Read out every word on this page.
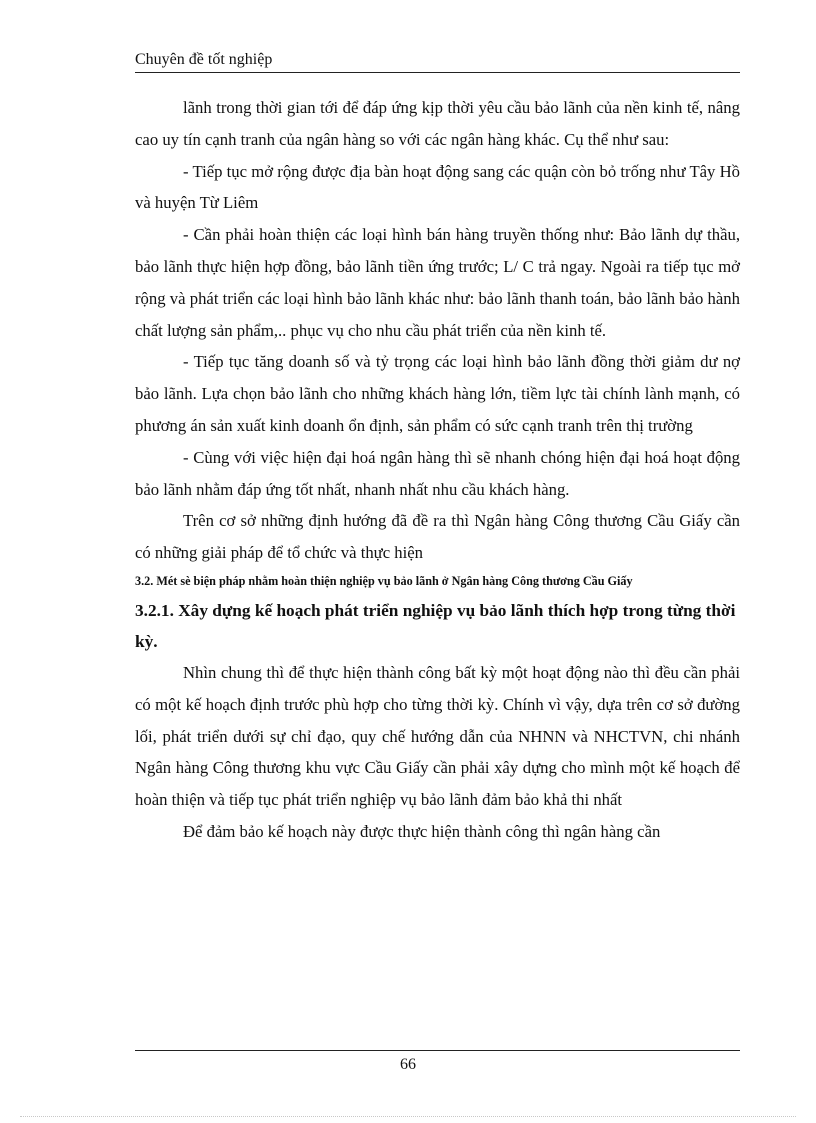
Chuyên đề tốt nghiệp

lãnh trong thời gian tới để đáp ứng kịp thời yêu cầu bảo lãnh của nền kinh tế, nâng cao uy tín cạnh tranh của ngân hàng so với các ngân hàng khác. Cụ thể như sau:

- Tiếp tục mở rộng được địa bàn hoạt động sang các quận còn bỏ trống như Tây Hồ và huyện Từ Liêm

- Cần phải hoàn thiện các loại hình bán hàng truyền thống như: Bảo lãnh dự thầu, bảo lãnh thực hiện hợp đồng, bảo lãnh tiền ứng trước; L/ C trả ngay. Ngoài ra tiếp tục mở rộng và phát triển các loại hình bảo lãnh khác như: bảo lãnh thanh toán, bảo lãnh bảo hành chất lượng sản phẩm,.. phục vụ cho nhu cầu phát triển của nền kinh tế.

- Tiếp tục tăng doanh số và tỷ trọng các loại hình bảo lãnh đồng thời giảm dư nợ bảo lãnh. Lựa chọn bảo lãnh cho những khách hàng lớn, tiềm lực tài chính lành mạnh, có phương án sản xuất kinh doanh ổn định, sản phẩm có sức cạnh tranh trên thị trường

- Cùng với việc hiện đại hoá ngân hàng thì sẽ nhanh chóng hiện đại hoá hoạt động bảo lãnh nhằm đáp ứng tốt nhất, nhanh nhất nhu cầu khách hàng.

Trên cơ sở những định hướng đã đề ra thì Ngân hàng Công thương Cầu Giấy cần có những giải pháp để tổ chức và thực hiện

3.2. Mét sè biện pháp nhằm hoàn thiện nghiệp vụ bảo lãnh ở Ngân hàng Công thương Cầu Giấy

3.2.1. Xây dựng kế hoạch phát triển nghiệp vụ bảo lãnh thích hợp trong từng thời kỳ.

Nhìn chung thì để thực hiện thành công bất kỳ một hoạt động nào thì đều cần phải có một kế hoạch định trước phù hợp cho từng thời kỳ. Chính vì vậy, dựa trên cơ sở đường lối, phát triển dưới sự chỉ đạo, quy chế hướng dẫn của NHNN và NHCTVN, chi nhánh Ngân hàng Công thương khu vực Cầu Giấy cần phải xây dựng cho mình một kế hoạch để hoàn thiện và tiếp tục phát triển nghiệp vụ bảo lãnh đảm bảo khả thi nhất

Để đảm bảo kế hoạch này được thực hiện thành công thì ngân hàng cần

66
